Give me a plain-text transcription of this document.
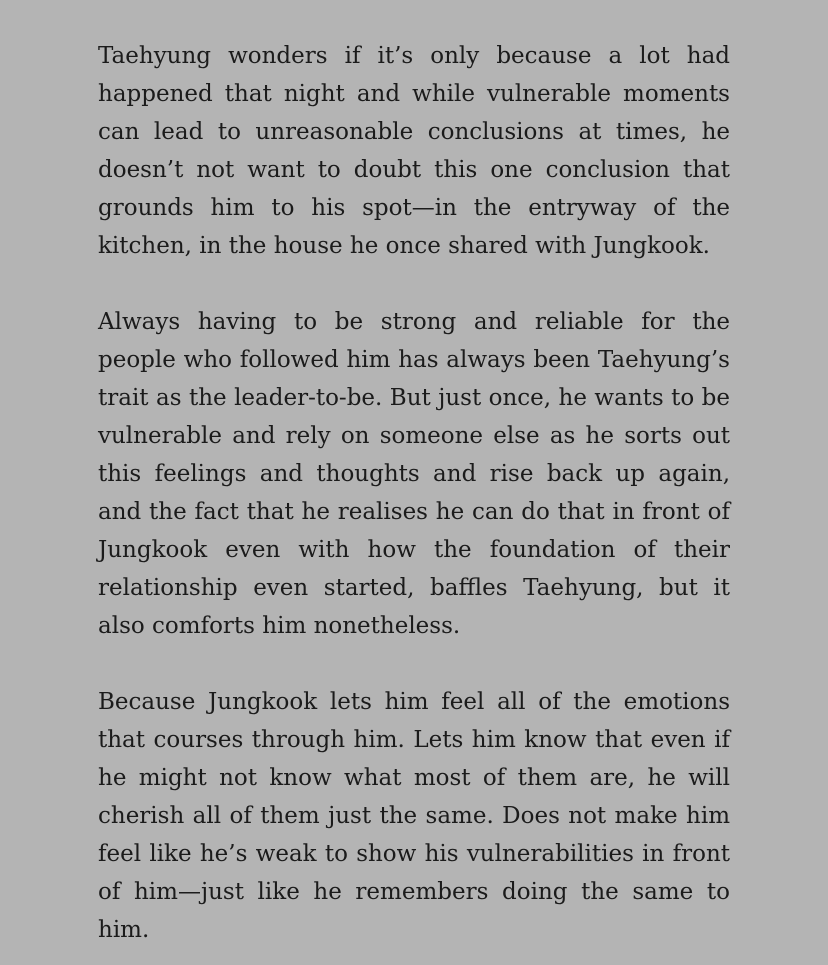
Taehyung wonders if it’s only because a lot had happened that night and while vulnerable moments can lead to unreasonable conclusions at times, he doesn’t not want to doubt this one conclusion that grounds him to his spot—in the entryway of the kitchen, in the house he once shared with Jungkook.

Always having to be strong and reliable for the people who followed him has always been Taehyung’s trait as the leader-to-be. But just once, he wants to be vulnerable and rely on someone else as he sorts out this feelings and thoughts and rise back up again, and the fact that he realises he can do that in front of Jungkook even with how the foundation of their relationship even started, baffles Taehyung, but it also comforts him nonetheless.

Because Jungkook lets him feel all of the emotions that courses through him. Lets him know that even if he might not know what most of them are, he will cherish all of them just the same. Does not make him feel like he’s weak to show his vulnerabilities in front of him—just like he remembers doing the same to him.
